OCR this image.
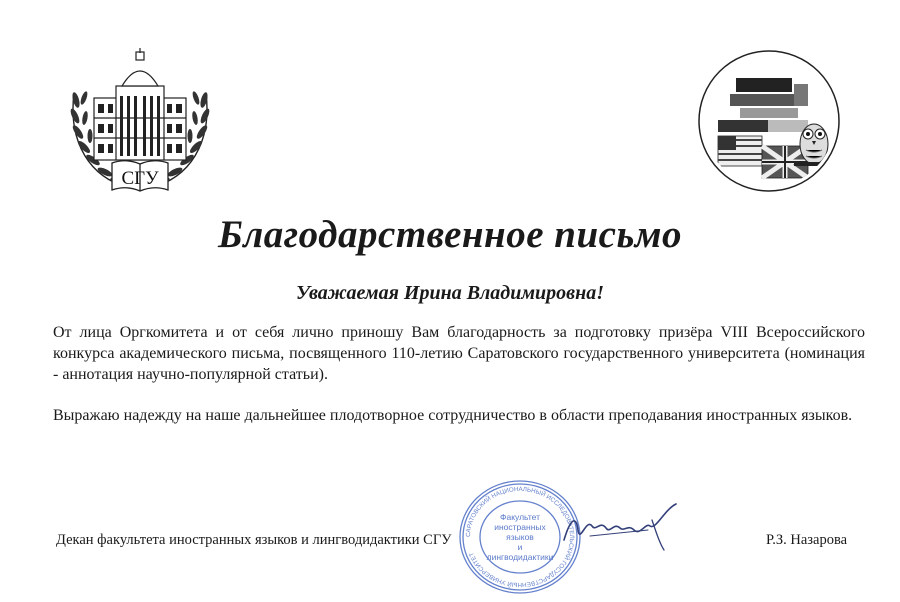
СГУ
Благодарственное письмо
Уважаемая Ирина Владимировна!
От лица Оргкомитета и от себя лично приношу Вам благодарность за подготовку призёра VIII Всероссийского конкурса академического письма, посвященного 110-летию Саратовского государственного университета (номинация - аннотация научно-популярной статьи).
Выражаю надежду на наше дальнейшее плодотворное сотрудничество в области преподавания иностранных языков.
Декан факультета иностранных языков и лингводидактики СГУ	Р.З. Назарова
САРАТОВСКИЙ НАЦИОНАЛЬНЫЙ ИССЛЕДОВАТЕЛЬСКИЙ ГОСУДАРСТВЕННЫЙ УНИВЕРСИТЕТ
Факультет
иностранных
языков
и
лингводидактики
